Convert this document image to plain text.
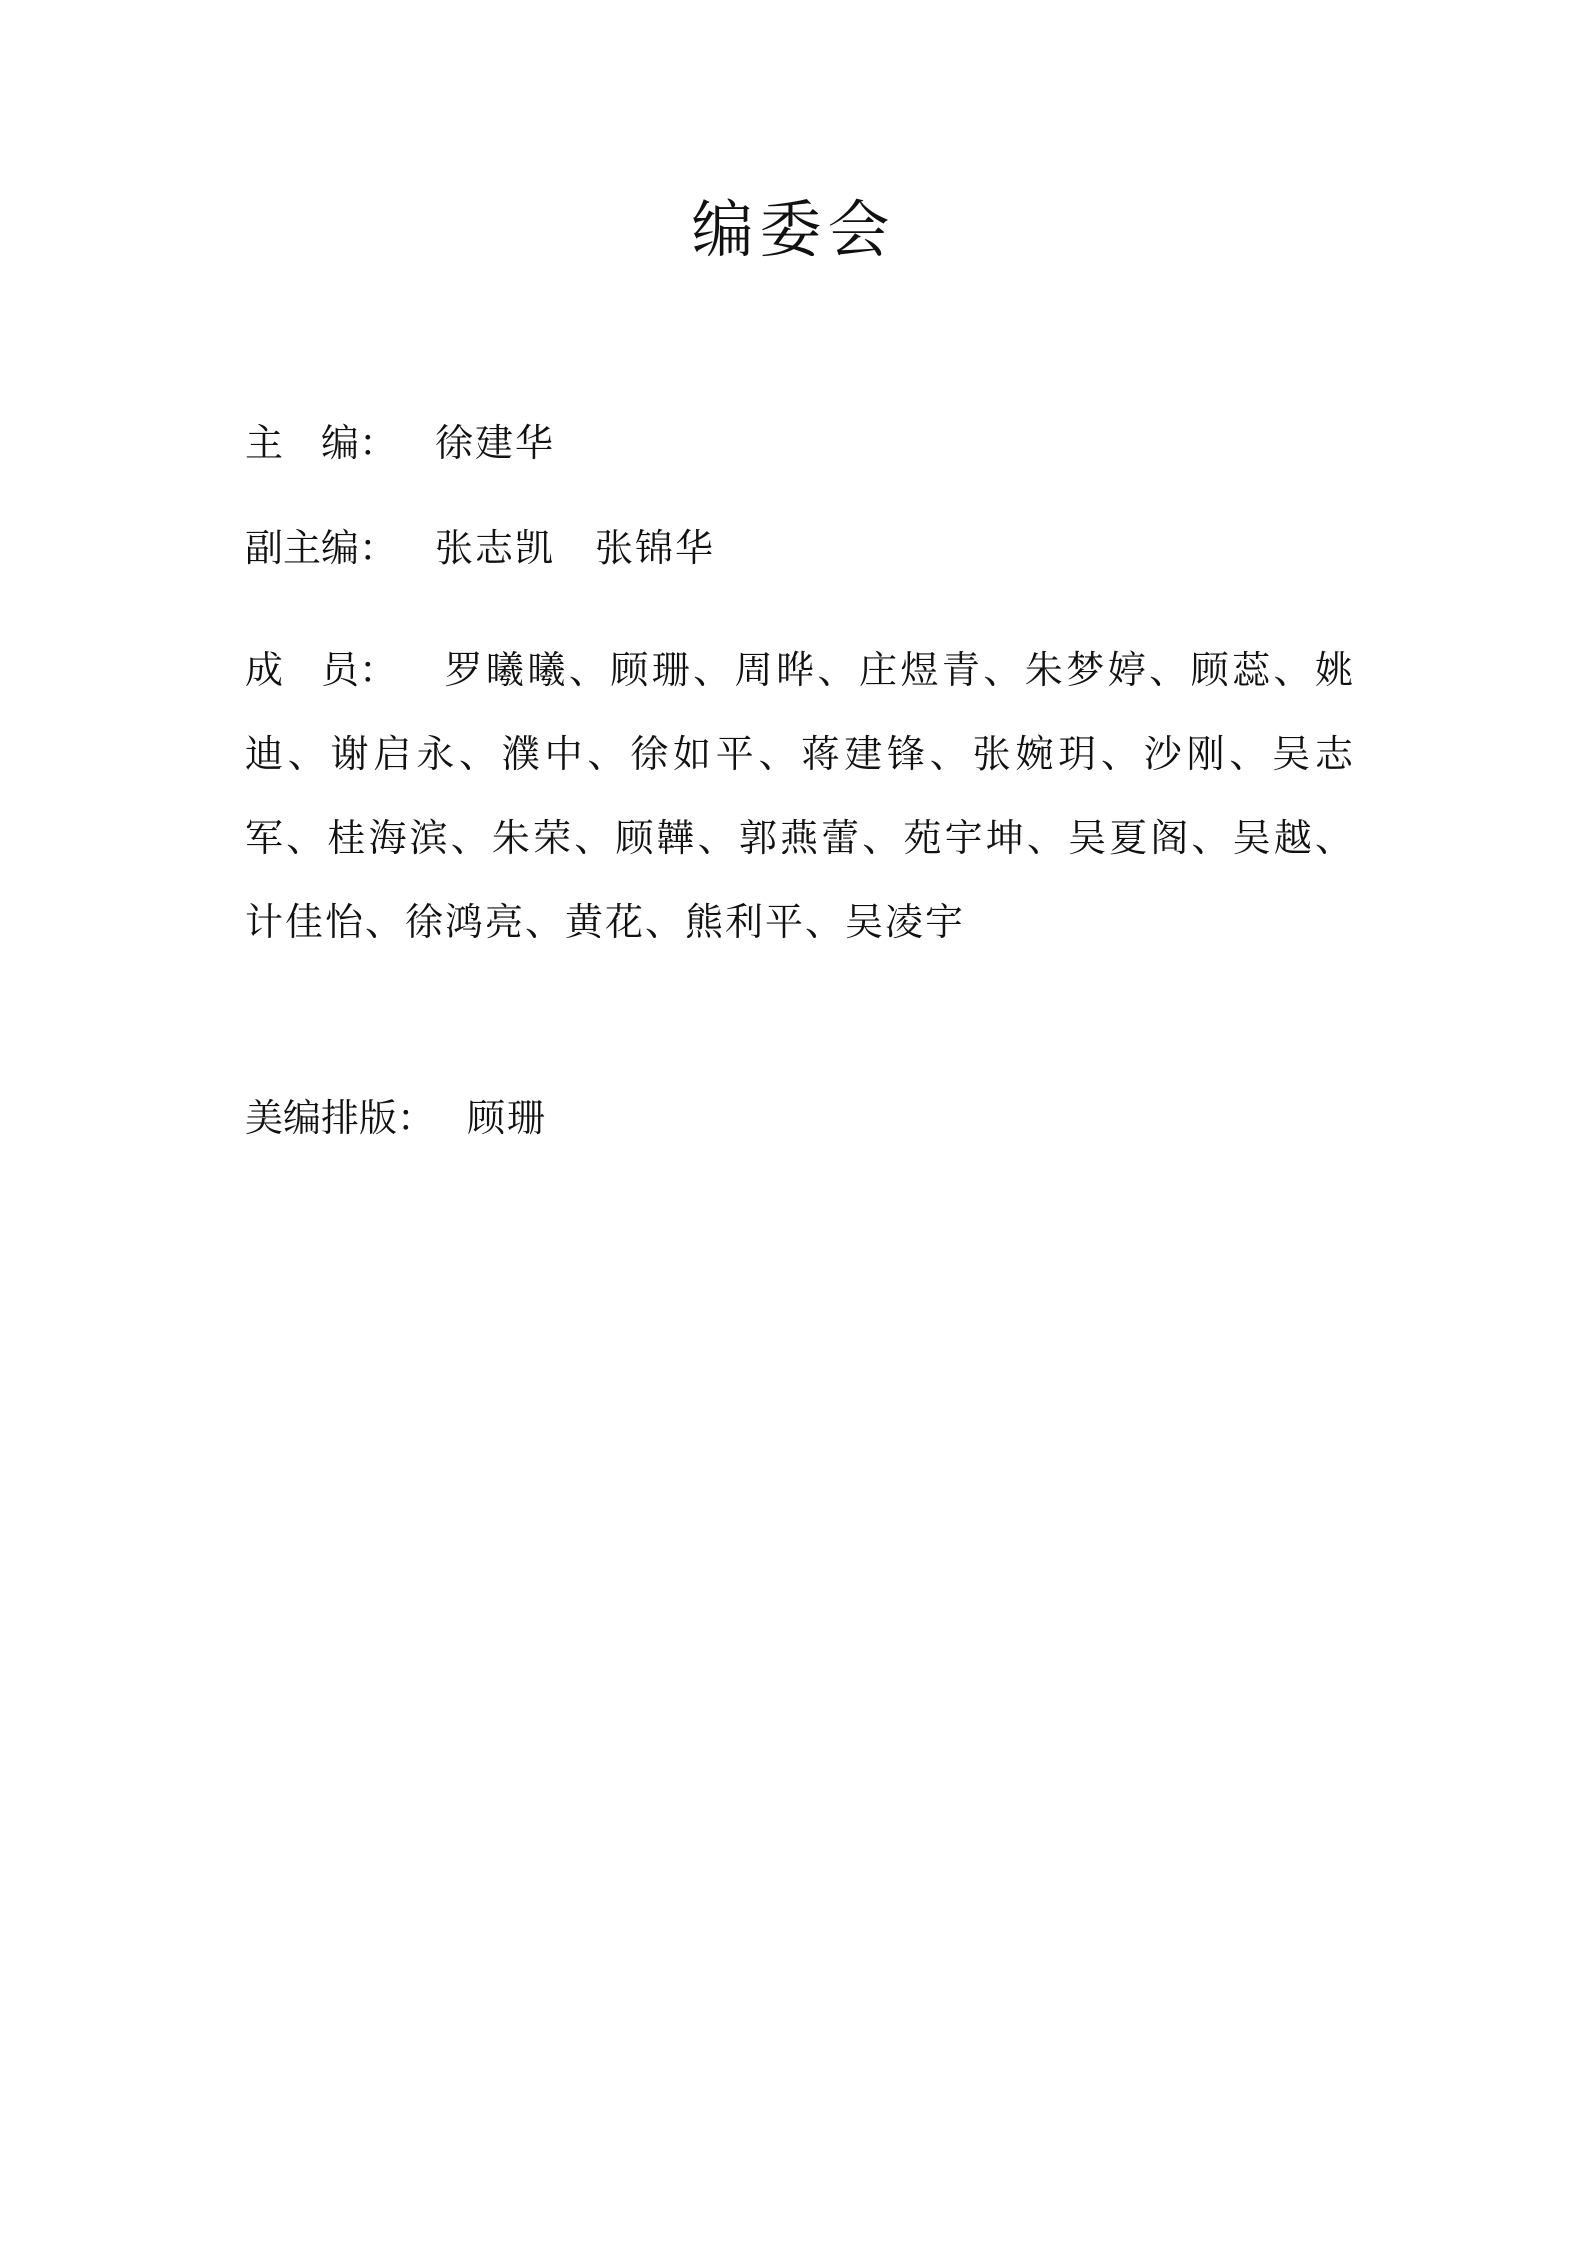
编委会
主　编： 徐建华
副主编： 张志凯　张锦华
成　员： 罗曦曦、顾珊、周晔、庄煜青、朱梦婷、顾蕊、姚迪、谢启永、濮中、徐如平、蒋建锋、张婉玥、沙刚、吴志军、桂海滨、朱荣、顾韡、郭燕蕾、苑宇坤、吴夏阁、吴越、计佳怡、徐鸿亮、黄花、熊利平、吴凌宇
美编排版： 顾珊
